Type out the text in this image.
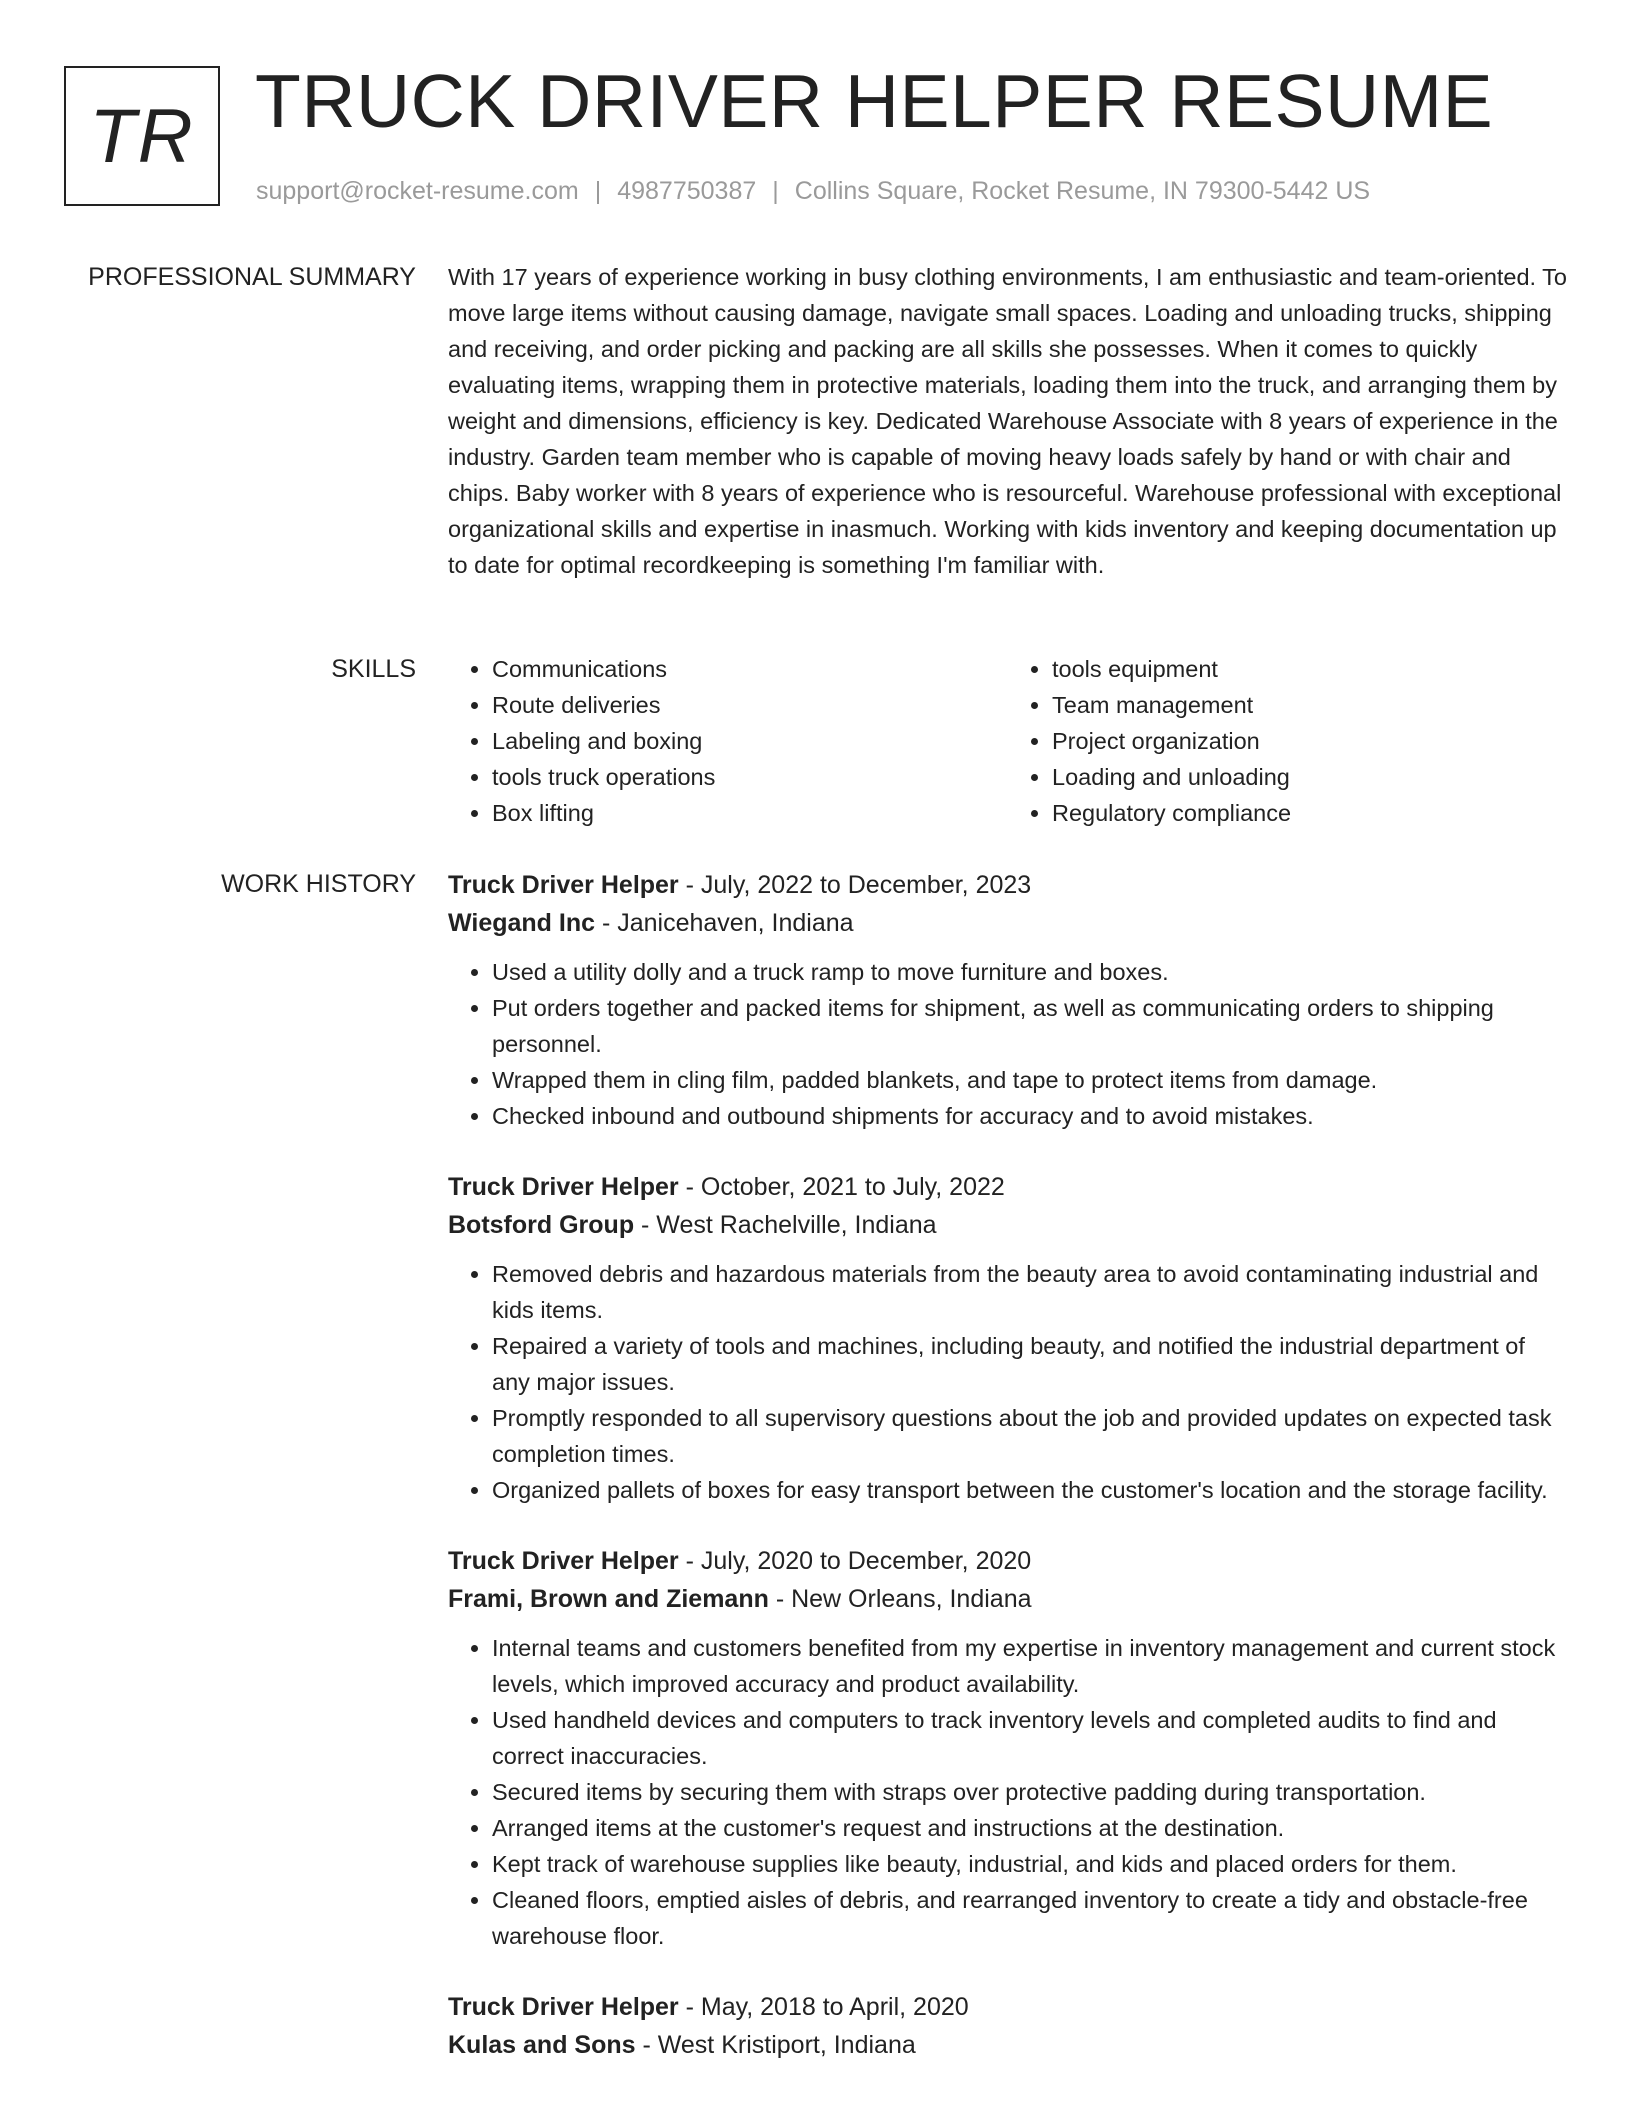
TR TRUCK DRIVER HELPER RESUME
support@rocket-resume.com | 4987750387 | Collins Square, Rocket Resume, IN 79300-5442 US
PROFESSIONAL SUMMARY With 17 years of experience working in busy clothing environments, I am enthusiastic and team-oriented. To move large items without causing damage, navigate small spaces. Loading and unloading trucks, shipping and receiving, and order picking and packing are all skills she possesses. When it comes to quickly evaluating items, wrapping them in protective materials, loading them into the truck, and arranging them by weight and dimensions, efficiency is key. Dedicated Warehouse Associate with 8 years of experience in the industry. Garden team member who is capable of moving heavy loads safely by hand or with chair and chips. Baby worker with 8 years of experience who is resourceful. Warehouse professional with exceptional organizational skills and expertise in inasmuch. Working with kids inventory and keeping documentation up to date for optimal recordkeeping is something I'm familiar with.

SKILLS
•	Communications
• Route deliveries
• Labeling and boxing
• tools truck operations
• Box lifting
• tools equipment
• Team management
• Project organization
• Loading and unloading
• Regulatory compliance
WORK HISTORY Truck Driver Helper - July, 2022 to December, 2023
Wiegand Inc - Janicehaven, Indiana
• Used a utility dolly and a truck ramp to move furniture and boxes.
• Put orders together and packed items for shipment, as well as communicating orders to shipping personnel.
• Wrapped them in cling film, padded blankets, and tape to protect items from damage.
• Checked inbound and outbound shipments for accuracy and to avoid mistakes.
Truck Driver Helper - October, 2021 to July, 2022
Botsford Group - West Rachelville, Indiana
• Removed debris and hazardous materials from the beauty area to avoid contaminating industrial and kids items.
• Repaired a variety of tools and machines, including beauty, and notified the industrial department of any major issues.
• Promptly responded to all supervisory questions about the job and provided updates on expected task completion times.
• Organized pallets of boxes for easy transport between the customer's location and the storage facility.
Truck Driver Helper - July, 2020 to December, 2020
Frami, Brown and Ziemann - New Orleans, Indiana
• Internal teams and customers benefited from my expertise in inventory management and current stock levels, which improved accuracy and product availability.
• Used handheld devices and computers to track inventory levels and completed audits to find and correct inaccuracies.
• Secured items by securing them with straps over protective padding during transportation.
• Arranged items at the customer's request and instructions at the destination.
• Kept track of warehouse supplies like beauty, industrial, and kids and placed orders for them.
• Cleaned floors, emptied aisles of debris, and rearranged inventory to create a tidy and obstacle-free warehouse floor.
Truck Driver Helper - May, 2018 to April, 2020
Kulas and Sons - West Kristiport, Indiana
